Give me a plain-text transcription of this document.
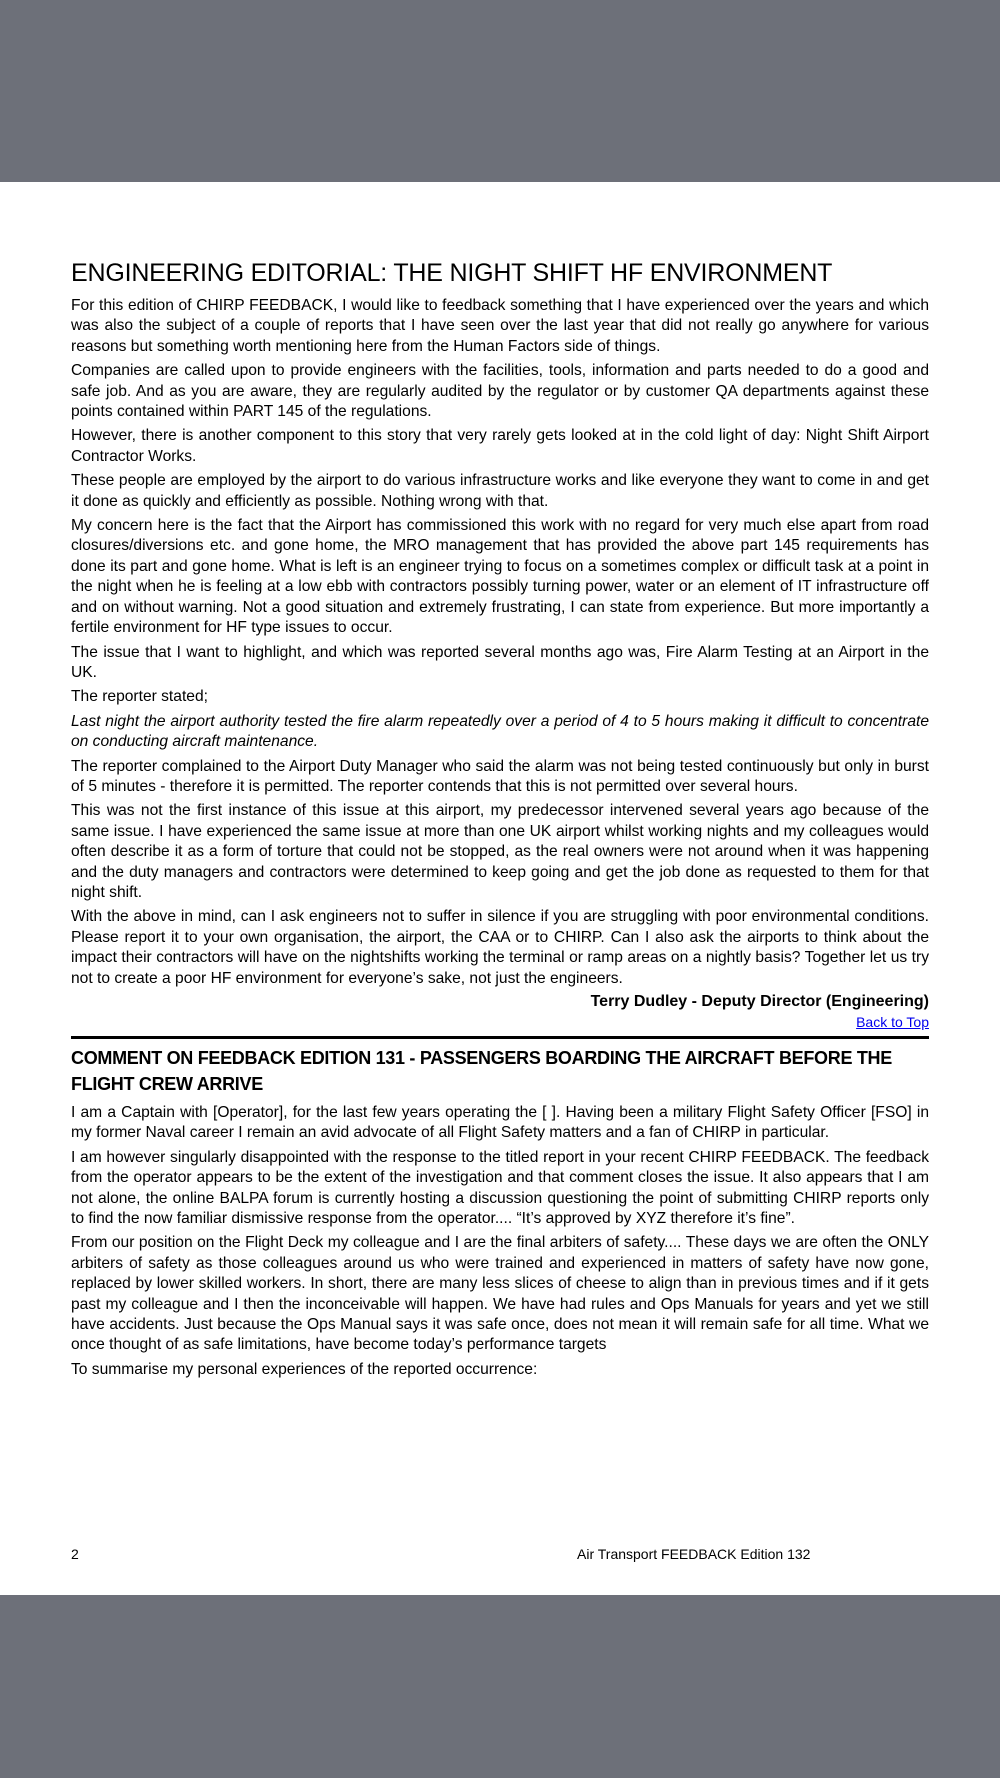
ENGINEERING EDITORIAL: THE NIGHT SHIFT HF ENVIRONMENT

For this edition of CHIRP FEEDBACK, I would like to feedback something that I have experienced over the years and which was also the subject of a couple of reports that I have seen over the last year that did not really go anywhere for various reasons but something worth mentioning here from the Human Factors side of things.

Companies are called upon to provide engineers with the facilities, tools, information and parts needed to do a good and safe job. And as you are aware, they are regularly audited by the regulator or by customer QA departments against these points contained within PART 145 of the regulations.

However, there is another component to this story that very rarely gets looked at in the cold light of day: Night Shift Airport Contractor Works.

These people are employed by the airport to do various infrastructure works and like everyone they want to come in and get it done as quickly and efficiently as possible. Nothing wrong with that.

My concern here is the fact that the Airport has commissioned this work with no regard for very much else apart from road closures/diversions etc. and gone home, the MRO management that has provided the above part 145 requirements has done its part and gone home. What is left is an engineer trying to focus on a sometimes complex or difficult task at a point in the night when he is feeling at a low ebb with contractors possibly turning power, water or an element of IT infrastructure off and on without warning. Not a good situation and extremely frustrating, I can state from experience. But more importantly a fertile environment for HF type issues to occur.

The issue that I want to highlight, and which was reported several months ago was, Fire Alarm Testing at an Airport in the UK.

The reporter stated;

Last night the airport authority tested the fire alarm repeatedly over a period of 4 to 5 hours making it difficult to concentrate on conducting aircraft maintenance.

The reporter complained to the Airport Duty Manager who said the alarm was not being tested continuously but only in burst of 5 minutes - therefore it is permitted. The reporter contends that this is not permitted over several hours.

This was not the first instance of this issue at this airport, my predecessor intervened several years ago because of the same issue. I have experienced the same issue at more than one UK airport whilst working nights and my colleagues would often describe it as a form of torture that could not be stopped, as the real owners were not around when it was happening and the duty managers and contractors were determined to keep going and get the job done as requested to them for that night shift.

With the above in mind, can I ask engineers not to suffer in silence if you are struggling with poor environmental conditions. Please report it to your own organisation, the airport, the CAA or to CHIRP. Can I also ask the airports to think about the impact their contractors will have on the nightshifts working the terminal or ramp areas on a nightly basis? Together let us try not to create a poor HF environment for everyone’s sake, not just the engineers.

Terry Dudley - Deputy Director (Engineering)
Back to Top
COMMENT ON FEEDBACK EDITION 131 - PASSENGERS BOARDING THE AIRCRAFT BEFORE THE FLIGHT CREW ARRIVE

I am a Captain with [Operator], for the last few years operating the [ ]. Having been a military Flight Safety Officer [FSO] in my former Naval career I remain an avid advocate of all Flight Safety matters and a fan of CHIRP in particular.

I am however singularly disappointed with the response to the titled report in your recent CHIRP FEEDBACK. The feedback from the operator appears to be the extent of the investigation and that comment closes the issue. It also appears that I am not alone, the online BALPA forum is currently hosting a discussion questioning the point of submitting CHIRP reports only to find the now familiar dismissive response from the operator.... “It’s approved by XYZ therefore it’s fine”.

From our position on the Flight Deck my colleague and I are the final arbiters of safety.... These days we are often the ONLY arbiters of safety as those colleagues around us who were trained and experienced in matters of safety have now gone, replaced by lower skilled workers. In short, there are many less slices of cheese to align than in previous times and if it gets past my colleague and I then the inconceivable will happen. We have had rules and Ops Manuals for years and yet we still have accidents. Just because the Ops Manual says it was safe once, does not mean it will remain safe for all time. What we once thought of as safe limitations, have become today’s performance targets

To summarise my personal experiences of the reported occurrence:

2	Air Transport FEEDBACK Edition 132
